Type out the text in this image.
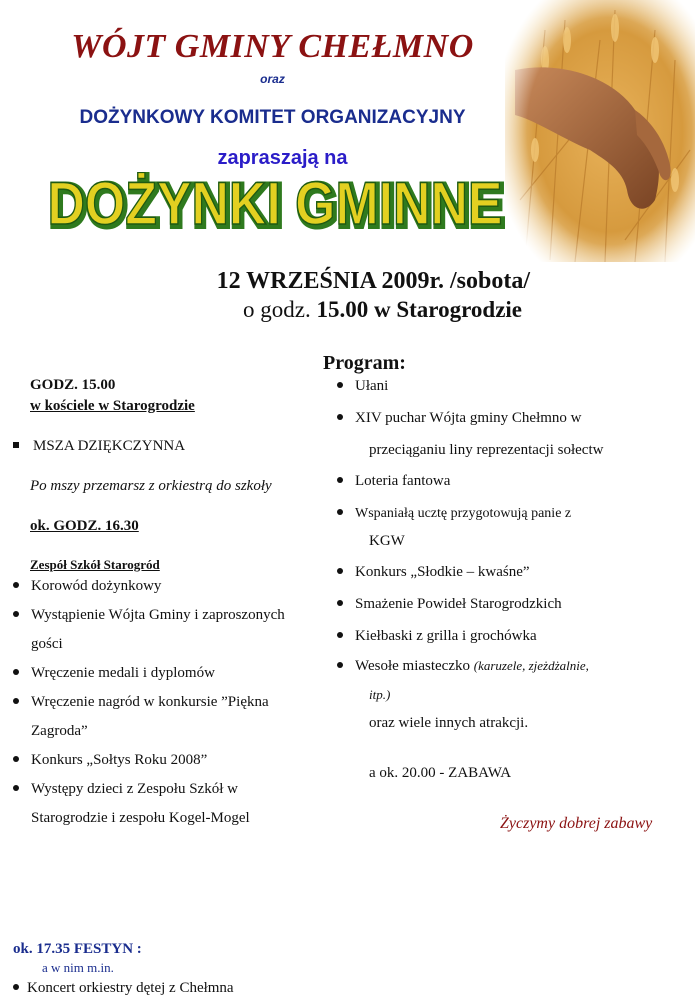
WÓJT GMINY CHEŁMNO
oraz
DOŻYNKOWY KOMITET ORGANIZACYJNY
zapraszają na
DOŻYNKI GMINNE
DOŻYNKI GMINNE
12 WRZEŚNIA 2009r. /sobota/
o godz. 15.00 w Starogrodzie
GODZ. 15.00
w kościele w Starogrodzie
MSZA DZIĘKCZYNNA
Po mszy przemarsz z orkiestrą do szkoły
ok. GODZ. 16.30
Zespół Szkół Starogród
Korowód dożynkowy
Wystąpienie Wójta Gminy i zaproszonych
gości
Wręczenie medali i dyplomów
Wręczenie nagród w konkursie ”Piękna
Zagroda”
Konkurs „Sołtys Roku 2008”
Występy dzieci z Zespołu Szkół w
Starogrodzie i zespołu Kogel-Mogel
Program:
Ułani
XIV puchar Wójta gminy Chełmno w
przeciąganiu liny reprezentacji sołectw
Loteria fantowa
Wspaniałą ucztę przygotowują panie z
KGW
Konkurs „Słodkie – kwaśne”
Smażenie Powideł Starogrodzkich
Kiełbaski z grilla i grochówka
Wesołe miasteczko (karuzele, zjeżdżalnie,
itp.)
oraz wiele innych atrakcji.
a ok. 20.00 - ZABAWA
Życzymy dobrej zabawy
ok. 17.35 FESTYN :
a w nim m.in.
Koncert orkiestry dętej z Chełmna
